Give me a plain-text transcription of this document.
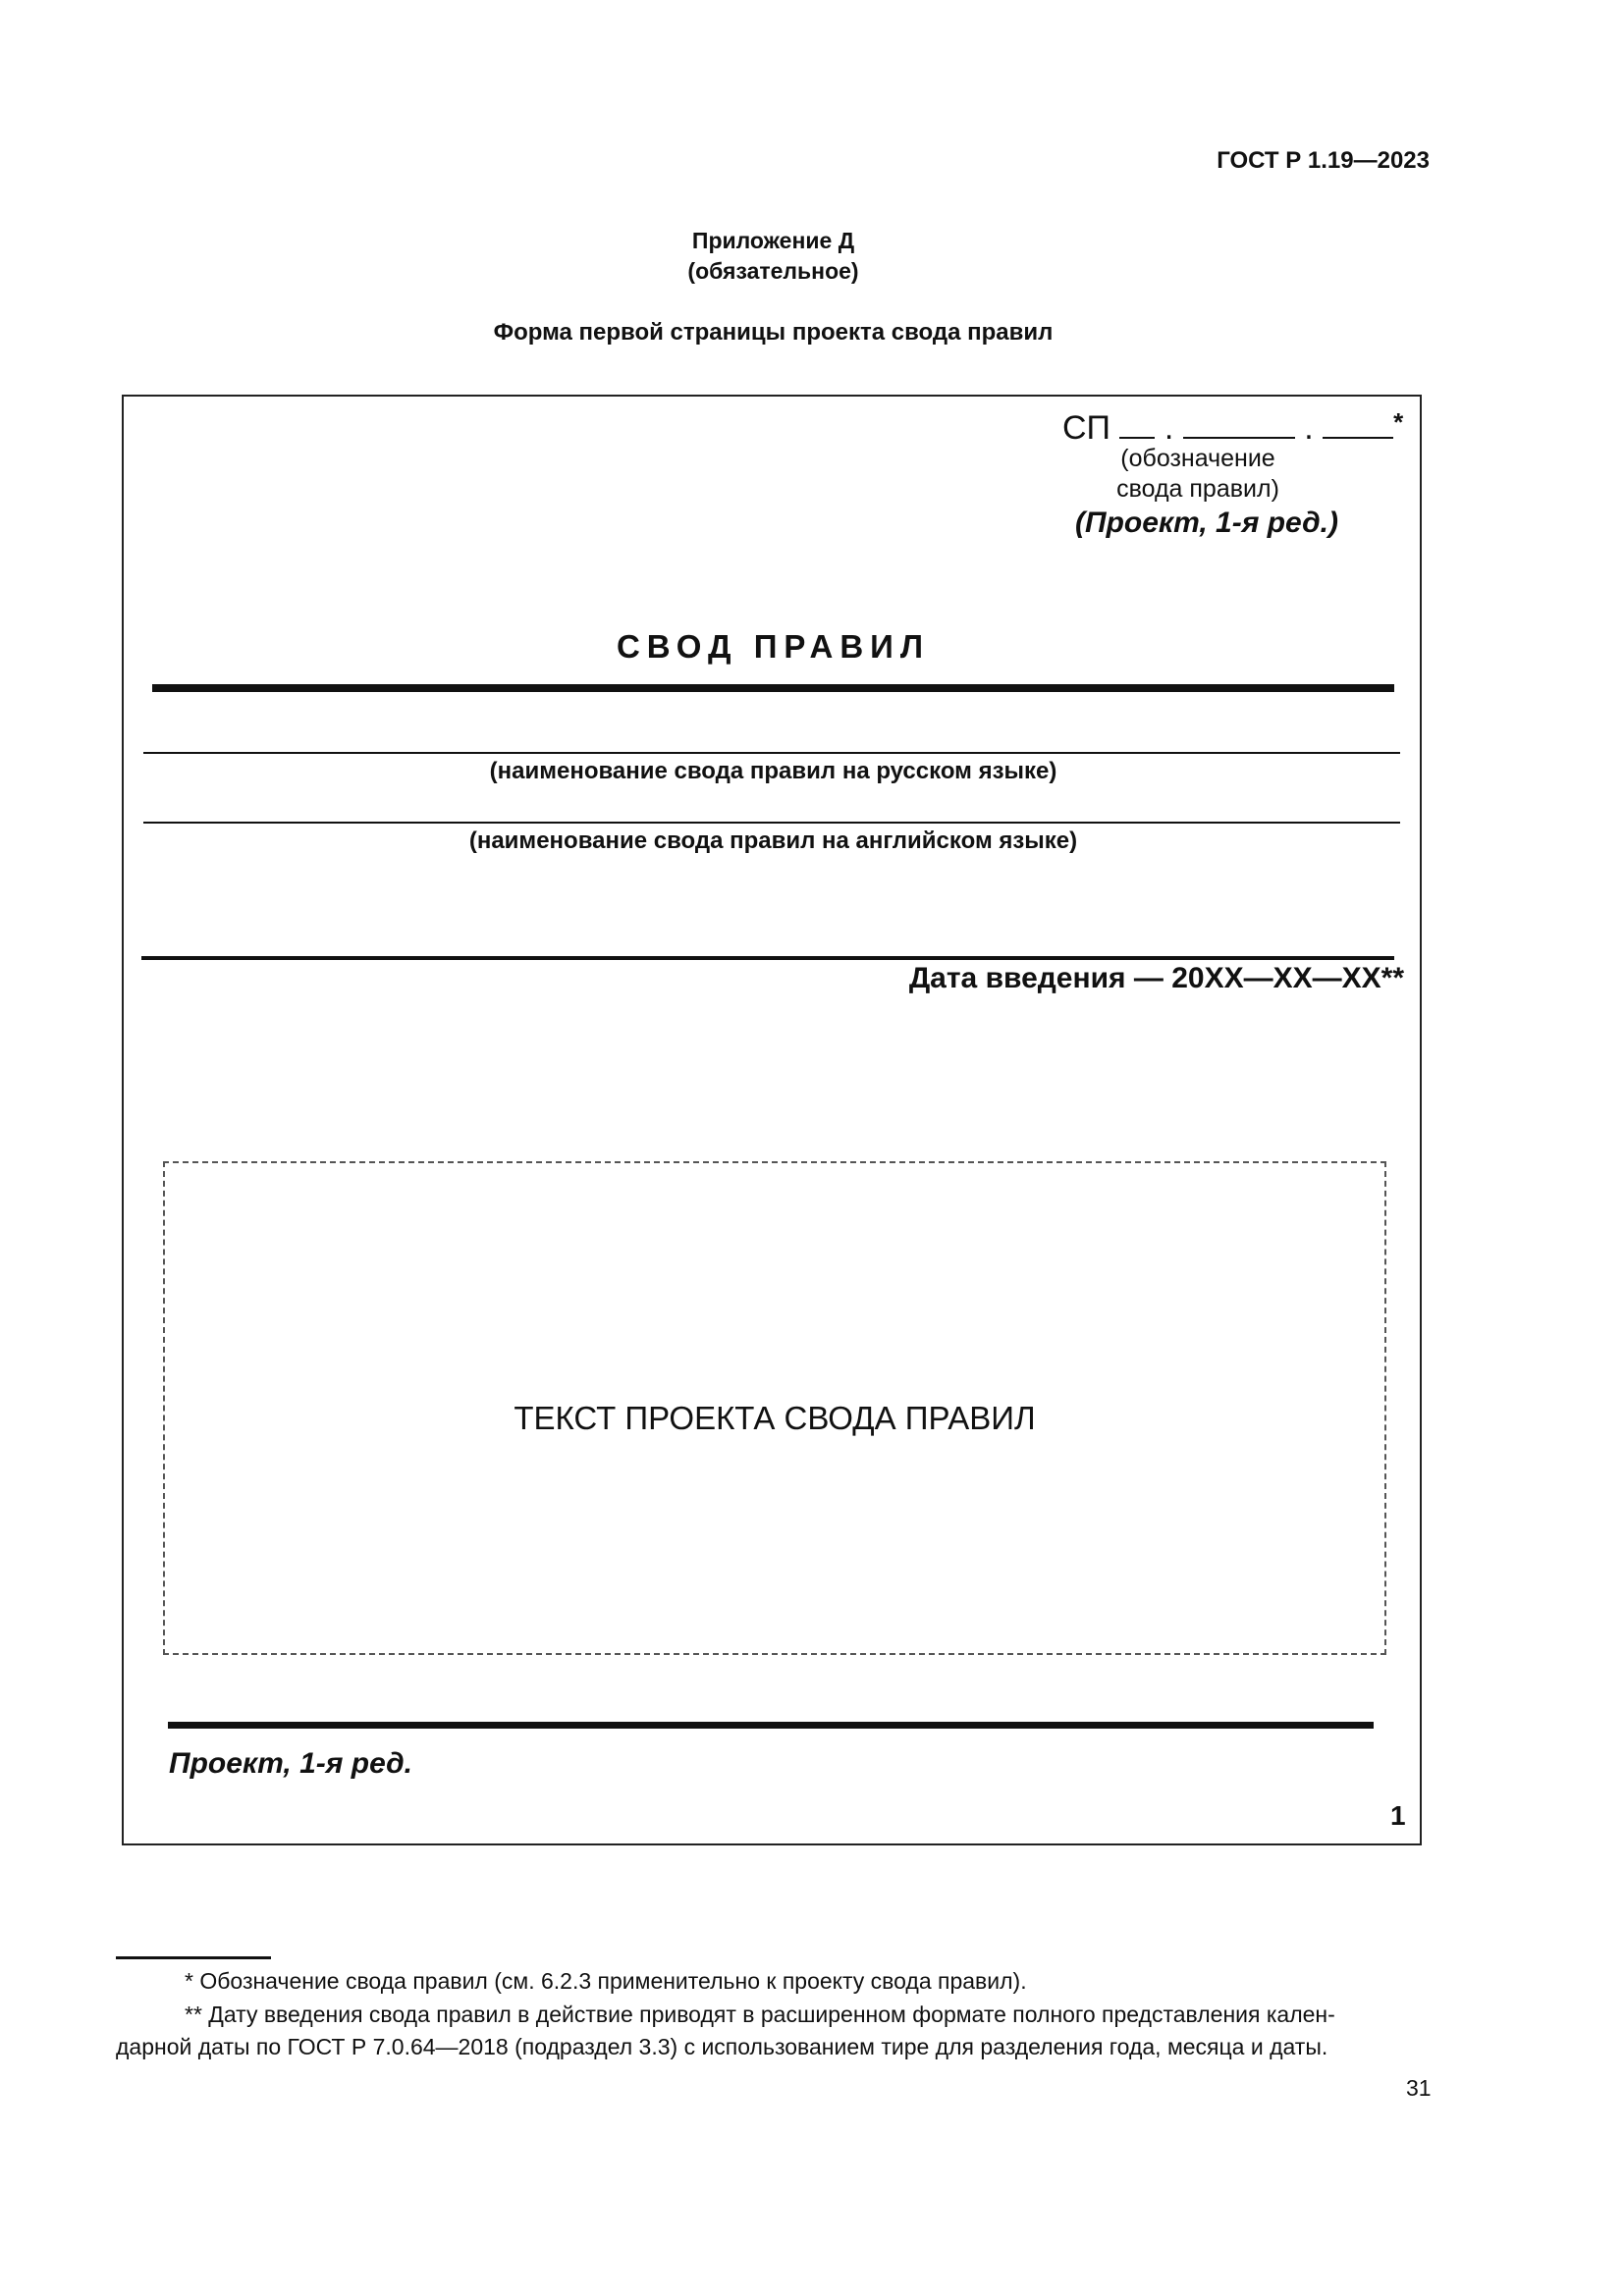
ГОСТ Р 1.19—2023
Приложение Д
(обязательное)
Форма первой страницы проекта свода правил
СП .	.	*
(обозначение
свода правил)
(Проект, 1-я ред.)
СВОД ПРАВИЛ
(наименование свода правил на русском языке)
(наименование свода правил на английском языке)
Дата введения — 20XX—XX—XX**
ТЕКСТ ПРОЕКТА СВОДА ПРАВИЛ
Проект, 1-я ред.
1
* Обозначение свода правил (см. 6.2.3 применительно к проекту свода правил).
** Дату введения свода правил в действие приводят в расширенном формате полного представления кален-
дарной даты по ГОСТ Р 7.0.64—2018 (подраздел 3.3) с использованием тире для разделения года, месяца и даты.
31
